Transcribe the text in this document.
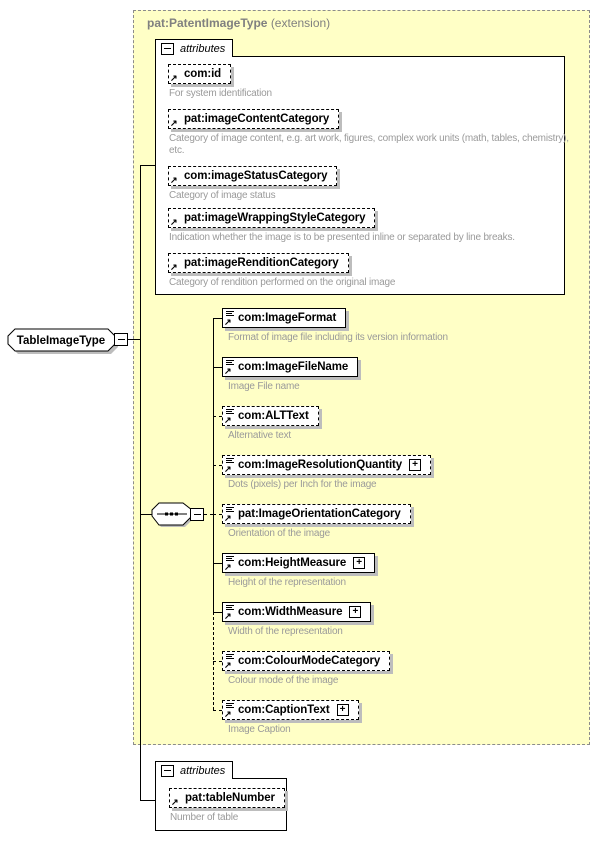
pat:PatentImageType (extension)
TableImageType
attributes
↗ com:id
For system identification
↗ pat:imageContentCategory
Category of image content, e.g. art work, figures, complex work units (math, tables, chemistry), etc.
↗ com:imageStatusCategory
Category of image status
↗ pat:imageWrappingStyleCategory
Indication whether the image is to be presented inline or separated by line breaks.
↗ pat:imageRenditionCategory
Category of rendition performed on the original image
attributes
↗ pat:tableNumber
Number of table
↗ com:ImageFormat
Format of image file including its version information
↗ com:ImageFileName
Image File name
↗ com:ALTText
Alternative text
↗ com:ImageResolutionQuantity	+
Dots (pixels) per Inch for the image
↗ pat:ImageOrientationCategory
Orientation of the image
↗ com:HeightMeasure	+
Height of the representation
↗ com:WidthMeasure	+
Width of the representation
↗ com:ColourModeCategory
Colour mode of the image
↗ com:CaptionText	+
Image Caption
